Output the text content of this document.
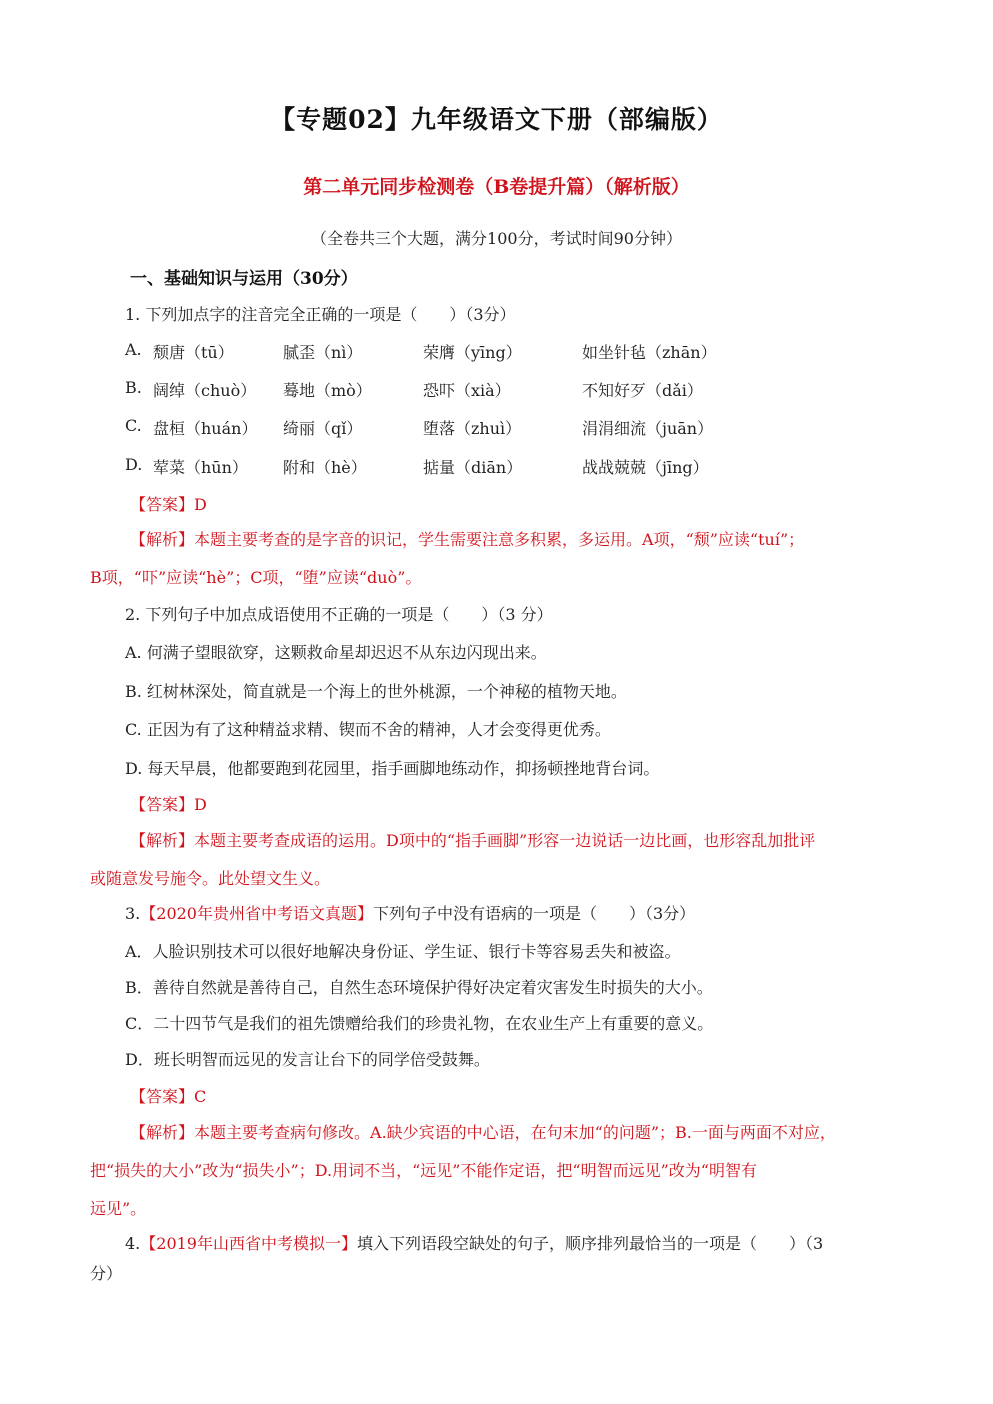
【专题02】九年级语文下册（部编版）
第二单元同步检测卷（B卷提升篇）（解析版）
（全卷共三个大题，满分100分，考试时间90分钟）
一、基础知识与运用（30分）
1. 下列加点字的注音完全正确的一项是（　　）（3分）
A. 颓唐（tū）	腻歪（nì）	荣膺（yīng）	如坐针毡（zhān）
B. 阔绰（chuò） 蓦地（mò）	恐吓（xià）	不知好歹（dǎi）
C. 盘桓（huán） 绮丽（qǐ）	堕落（zhuì）	涓涓细流（juān）
D. 荤菜（hūn） 附和（hè）	掂量（diān）	战战兢兢（jīng）
【答案】D
【解析】本题主要考查的是字音的识记，学生需要注意多积累，多运用。A项，“颓”应读“tuí”；
B项，“吓”应读“hè”；C项，“堕”应读“duò”。
2. 下列句子中加点成语使用不正确的一项是（　　）（3 分）
A. 何满子望眼欲穿，这颗救命星却迟迟不从东边闪现出来。
B. 红树林深处，简直就是一个海上的世外桃源，一个神秘的植物天地。
C. 正因为有了这种精益求精、锲而不舍的精神，人才会变得更优秀。
D. 每天早晨，他都要跑到花园里，指手画脚地练动作，抑扬顿挫地背台词。
【答案】D
【解析】本题主要考查成语的运用。D项中的“指手画脚”形容一边说话一边比画，也形容乱加批评
或随意发号施令。此处望文生义。
3.【2020年贵州省中考语文真题】下列句子中没有语病的一项是（　　）（3分）
A．人脸识别技术可以很好地解决身份证、学生证、银行卡等容易丢失和被盗。
B．善待自然就是善待自己，自然生态环境保护得好决定着灾害发生时损失的大小。
C．二十四节气是我们的祖先馈赠给我们的珍贵礼物，在农业生产上有重要的意义。
D．班长明智而远见的发言让台下的同学倍受鼓舞。
【答案】C
【解析】本题主要考查病句修改。A.缺少宾语的中心语，在句末加“的问题”；B.一面与两面不对应，
把“损失的大小”改为“损失小”；D.用词不当，“远见”不能作定语，把“明智而远见”改为“明智有
远见”。
4.【2019年山西省中考模拟一】填入下列语段空缺处的句子，顺序排列最恰当的一项是（　　）（3
分）
